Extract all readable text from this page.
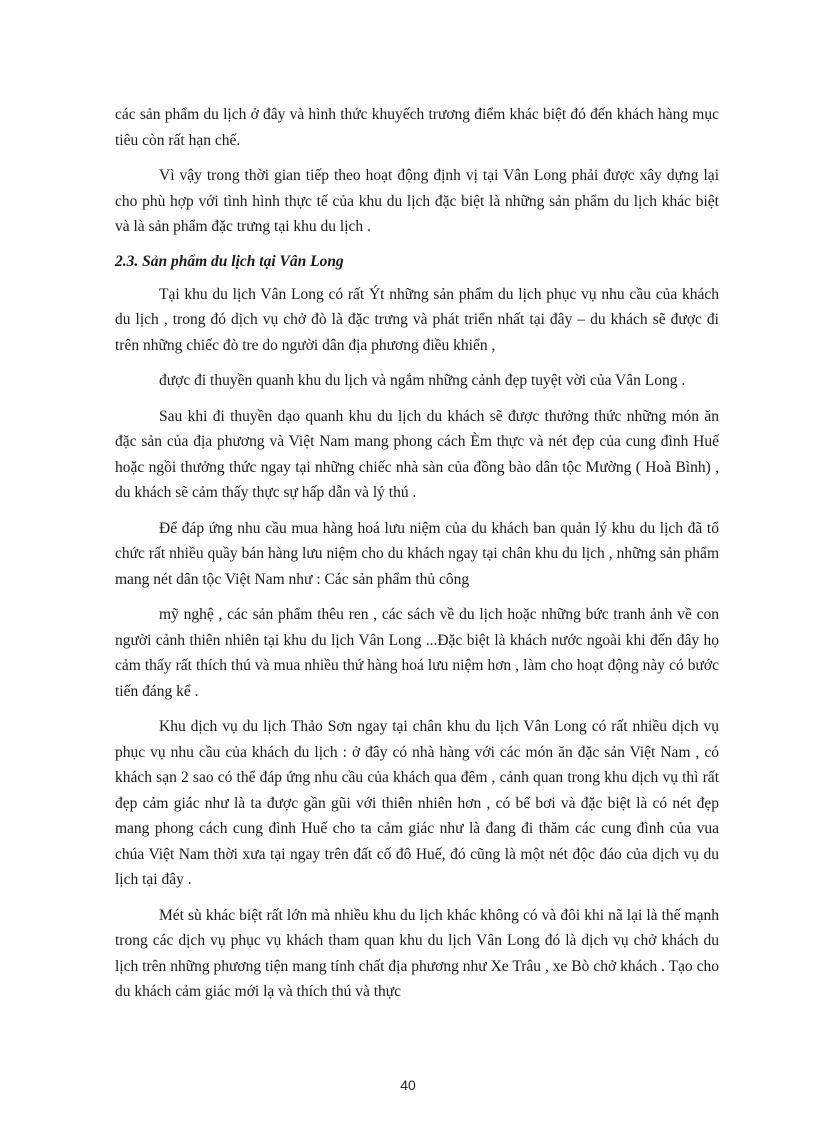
các sản phẩm du lịch ở đây và hình thức khuyếch trương điểm khác biệt đó đến khách hàng mục tiêu còn rất hạn chế.

Vì vậy trong thời gian tiếp theo hoạt động định vị tại Vân Long phải được xây dựng lại cho phù hợp với tình hình thực tế của khu du lịch đặc biệt là những sản phẩm du lịch khác biệt và là sản phẩm đặc trưng tại khu du lịch .

2.3. Sản phẩm du lịch tại Vân Long

Tại khu du lịch Vân Long có rất Ýt những sản phẩm du lịch phục vụ nhu cầu của khách du lịch , trong đó dịch vụ chở đò là đặc trưng và phát triển nhất tại đây – du khách sẽ được đi trên những chiếc đò tre do người dân địa phương điều khiển ,

được đi thuyền quanh khu du lịch và ngắm những cảnh đẹp tuyệt vời của Vân Long .

Sau khi đi thuyền dạo quanh khu du lịch du khách sẽ được thưởng thức những món ăn đặc sản của địa phương và Việt Nam mang phong cách Èm thực và nét đẹp của cung đình Huế hoặc ngồi thưởng thức ngay tại những chiếc nhà sàn của đồng bào dân tộc Mường ( Hoà Bình) , du khách sẽ cảm thấy thực sự hấp dẫn và lý thú .

Để đáp ứng nhu cầu mua hàng hoá lưu niệm của du khách ban quản lý khu du lịch đã tổ chức rất nhiều quầy bán hàng lưu niệm cho du khách ngay tại chân khu du lịch , những sản phẩm mang nét dân tộc Việt Nam như : Các sản phẩm thủ công

mỹ nghệ , các sản phẩm thêu ren , các sách về du lịch hoặc những bức tranh ảnh về con người cảnh thiên nhiên tại khu du lịch Vân Long ...Đặc biệt là khách nước ngoài khi đến đây họ cảm thấy rất thích thú và mua nhiều thứ hàng hoá lưu niệm hơn , làm cho hoạt động này có bước tiến đáng kể .

Khu dịch vụ du lịch Thảo Sơn ngay tại chân khu du lịch Vân Long có rất nhiều dịch vụ phục vụ nhu cầu của khách du lịch : ở đây có nhà hàng với các món ăn đặc sản Việt Nam , có khách sạn 2 sao có thể đáp ứng nhu cầu của khách qua đêm , cảnh quan trong khu dịch vụ thì rất đẹp cảm giác như là ta được gần gũi với thiên nhiên hơn , có bể bơi và đặc biệt là có nét đẹp mang phong cách cung đình Huế cho ta cảm giác như là đang đi thăm các cung đình của vua chúa Việt Nam thời xưa tại ngay trên đất cố đô Huế, đó cũng là một nét độc đáo của dịch vụ du lịch tại đây .

Mét sù khác biệt rất lớn mà nhiều khu du lịch khác không có và đôi khi nã lại là thế mạnh trong các dịch vụ phục vụ khách tham quan khu du lịch Vân Long đó là dịch vụ chở khách du lịch trên những phương tiện mang tính chất địa phương như Xe Trâu , xe Bò chở khách . Tạo cho du khách cảm giác mới lạ và thích thú và thực

40
